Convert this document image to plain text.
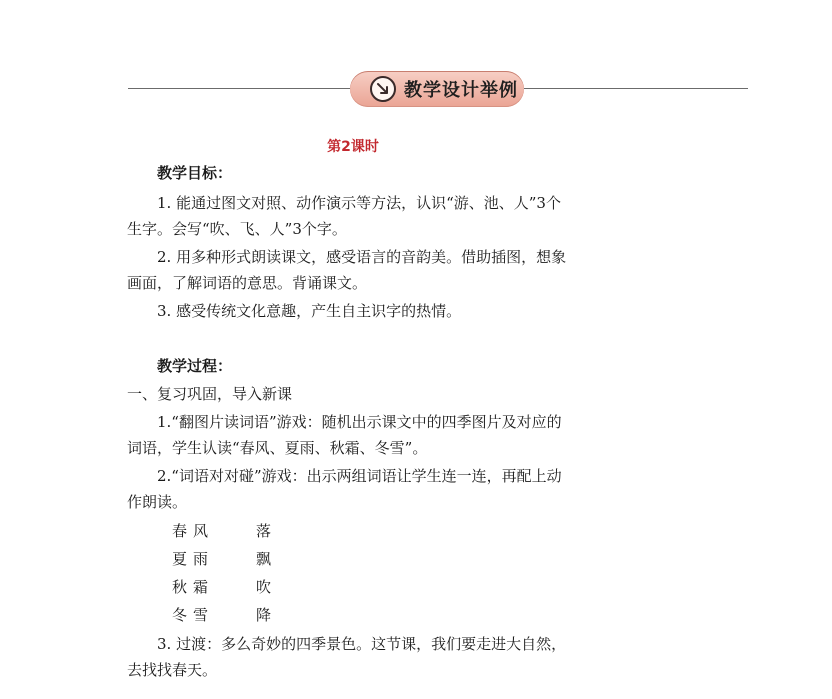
教学设计举例
第2课时
教学目标：
1. 能通过图文对照、动作演示等方法，认识“游、池、人”3个
生字。会写“吹、飞、人”3个字。
2. 用多种形式朗读课文，感受语言的音韵美。借助插图，想象
画面，了解词语的意思。背诵课文。
3. 感受传统文化意趣，产生自主识字的热情。
教学过程：
一、复习巩固，导入新课
1.“翻图片读词语”游戏：随机出示课文中的四季图片及对应的
词语，学生认读“春风、夏雨、秋霜、冬雪”。
2.“词语对对碰”游戏：出示两组词语让学生连一连，再配上动
作朗读。
春风	落
夏雨	飘
秋霜	吹
冬雪	降
3. 过渡：多么奇妙的四季景色。这节课，我们要走进大自然，
去找找春天。
